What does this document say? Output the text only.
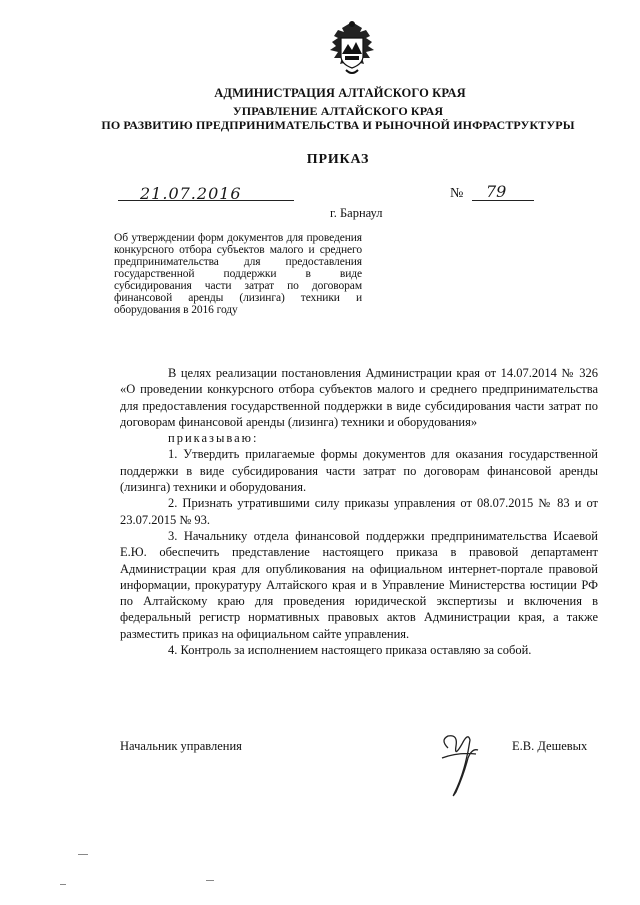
АДМИНИСТРАЦИЯ АЛТАЙСКОГО КРАЯ
УПРАВЛЕНИЕ АЛТАЙСКОГО КРАЯ
ПО РАЗВИТИЮ ПРЕДПРИНИМАТЕЛЬСТВА И РЫНОЧНОЙ ИНФРАСТРУКТУРЫ
ПРИКАЗ
21.07.2016	№ 79
г. Барнаул
Об утверждении форм документов для проведения конкурсного отбора субъектов малого и среднего предпринимательства для предоставления государственной поддержки в виде субсидирования части затрат по договорам финансовой аренды (лизинга) техники и оборудования в 2016 году

В целях реализации постановления Администрации края от 14.07.2014 № 326 «О проведении конкурсного отбора субъектов малого и среднего предпринимательства для предоставления государственной поддержки в виде субсидирования части затрат по договорам финансовой аренды (лизинга) техники и оборудования»

приказываю:

1. Утвердить прилагаемые формы документов для оказания государственной поддержки в виде субсидирования части затрат по договорам финансовой аренды (лизинга) техники и оборудования.

2. Признать утратившими силу приказы управления от 08.07.2015 № 83 и от 23.07.2015 № 93.

3. Начальнику отдела финансовой поддержки предпринимательства Исаевой Е.Ю. обеспечить представление настоящего приказа в правовой департамент Администрации края для опубликования на официальном интернет-портале правовой информации, прокуратуру Алтайского края и в Управление Министерства юстиции РФ по Алтайскому краю для проведения юридической экспертизы и включения в федеральный регистр нормативных правовых актов Администрации края, а также разместить приказ на официальном сайте управления.

4. Контроль за исполнением настоящего приказа оставляю за собой.

Начальник управления	Е.В. Дешевых
